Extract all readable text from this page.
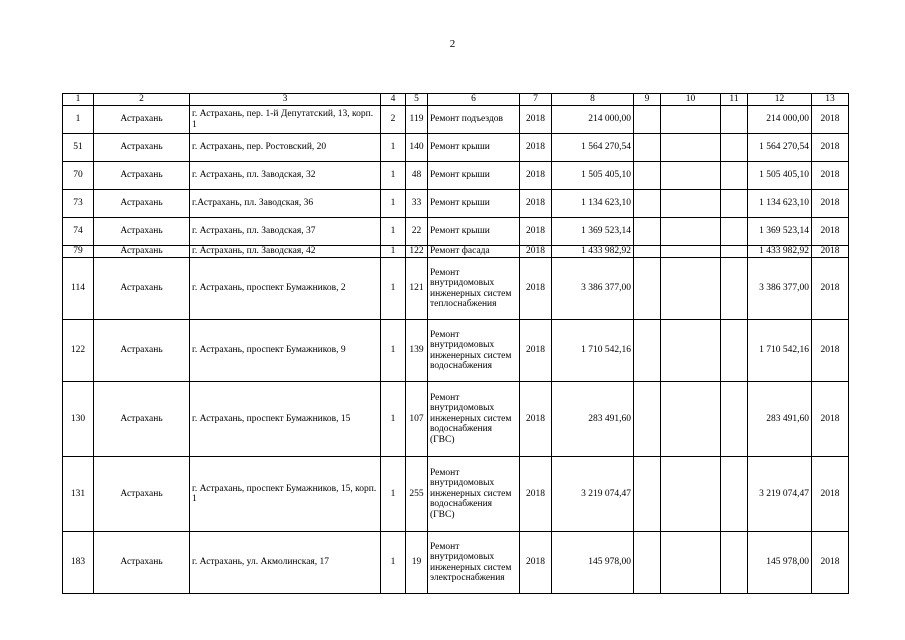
2
1	2	3	4	5	6	7	8	9	10	11	12	13
1	Астрахань	г. Астрахань, пер. 1-й Депутатский, 13, корп. 1	2	119	Ремонт подъездов	2018	214 000,00				214 000,00	2018
51	Астрахань	г. Астрахань, пер. Ростовский, 20	1	140	Ремонт крыши	2018	1 564 270,54				1 564 270,54	2018
70	Астрахань	г. Астрахань, пл. Заводская, 32	1	48	Ремонт крыши	2018	1 505 405,10				1 505 405,10	2018
73	Астрахань	г.Астрахань, пл. Заводская, 36	1	33	Ремонт крыши	2018	1 134 623,10				1 134 623,10	2018
74	Астрахань	г. Астрахань, пл. Заводская, 37	1	22	Ремонт крыши	2018	1 369 523,14				1 369 523,14	2018
79	Астрахань	г. Астрахань, пл. Заводская, 42	1	122	Ремонт фасада	2018	1 433 982,92				1 433 982,92	2018
114	Астрахань	г. Астрахань, проспект Бумажников, 2	1	121	Ремонт внутридомовых инженерных систем теплоснабжения	2018	3 386 377,00				3 386 377,00	2018
122	Астрахань	г. Астрахань, проспект Бумажников, 9	1	139	Ремонт внутридомовых инженерных систем водоснабжения	2018	1 710 542,16				1 710 542,16	2018
130	Астрахань	г. Астрахань, проспект Бумажников, 15	1	107	Ремонт внутридомовых инженерных систем водоснабжения (ГВС)	2018	283 491,60				283 491,60	2018
131	Астрахань	г. Астрахань, проспект Бумажников, 15, корп. 1	1	255	Ремонт внутридомовых инженерных систем водоснабжения (ГВС)	2018	3 219 074,47				3 219 074,47	2018
183	Астрахань	г. Астрахань, ул. Акмолинская, 17	1	19	Ремонт внутридомовых инженерных систем электроснабжения	2018	145 978,00				145 978,00	2018
